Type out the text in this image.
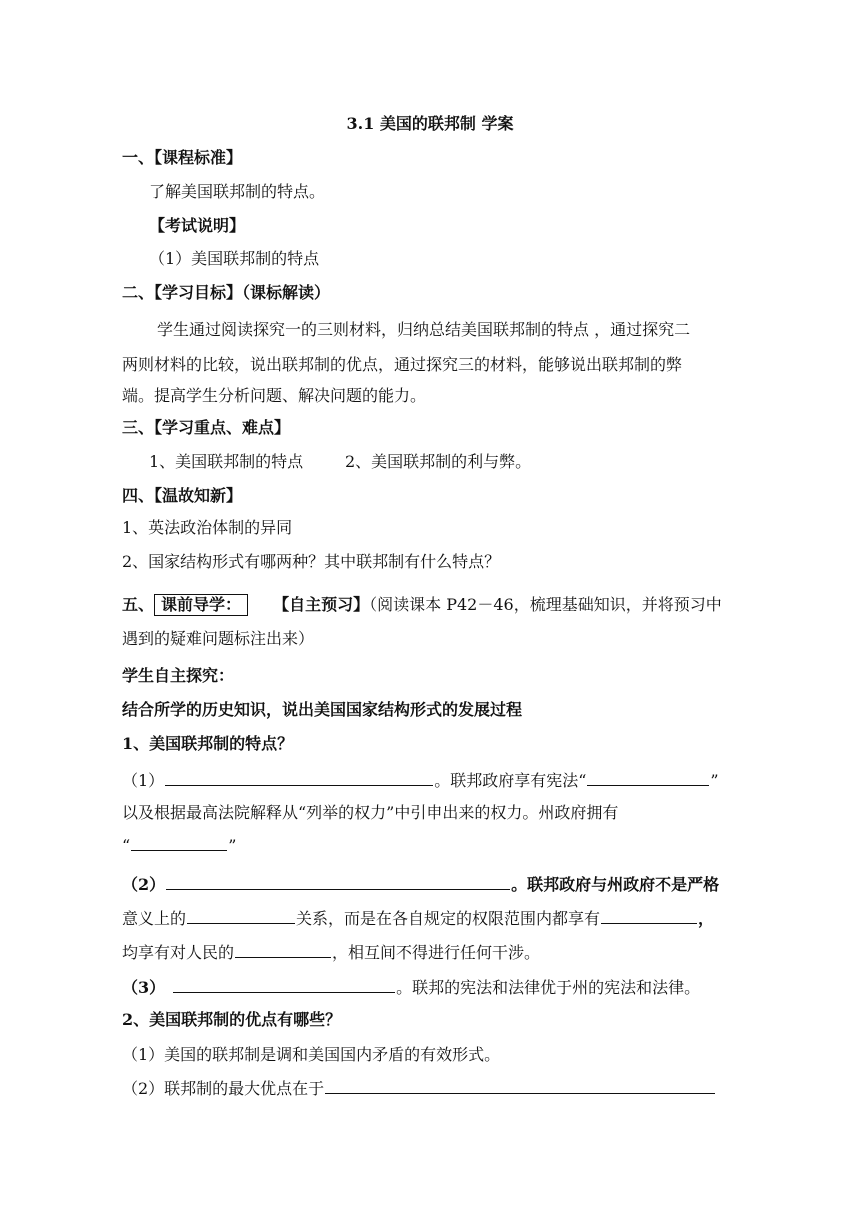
3.1 美国的联邦制 学案
一、【课程标准】
了解美国联邦制的特点。
【考试说明】
（1）美国联邦制的特点
二、【学习目标】（课标解读）
学生通过阅读探究一的三则材料，归纳总结美国联邦制的特点 ，通过探究二
两则材料的比较，说出联邦制的优点，通过探究三的材料，能够说出联邦制的弊
端。提高学生分析问题、解决问题的能力。
三、【学习重点、难点】
1、美国联邦制的特点	2、美国联邦制的利与弊。
四、【温故知新】
1、英法政治体制的异同
2、国家结构形式有哪两种？其中联邦制有什么特点？
五、 课前导学： 【自主预习】（阅读课本 P42－46，梳理基础知识，并将预习中
遇到的疑难问题标注出来）
学生自主探究：
结合所学的历史知识，说出美国国家结构形式的发展过程
1、美国联邦制的特点？
（1）	。联邦政府享有宪法“	”
以及根据最高法院解释从“列举的权力”中引申出来的权力。州政府拥有
“	”
（2）	。联邦政府与州政府不是严格
意义上的	关系，而是在各自规定的权限范围内都享有	，
均享有对人民的	，相互间不得进行任何干涉。
（3）	。联邦的宪法和法律优于州的宪法和法律。
2、美国联邦制的优点有哪些？
（1）美国的联邦制是调和美国国内矛盾的有效形式。
（2）联邦制的最大优点在于
